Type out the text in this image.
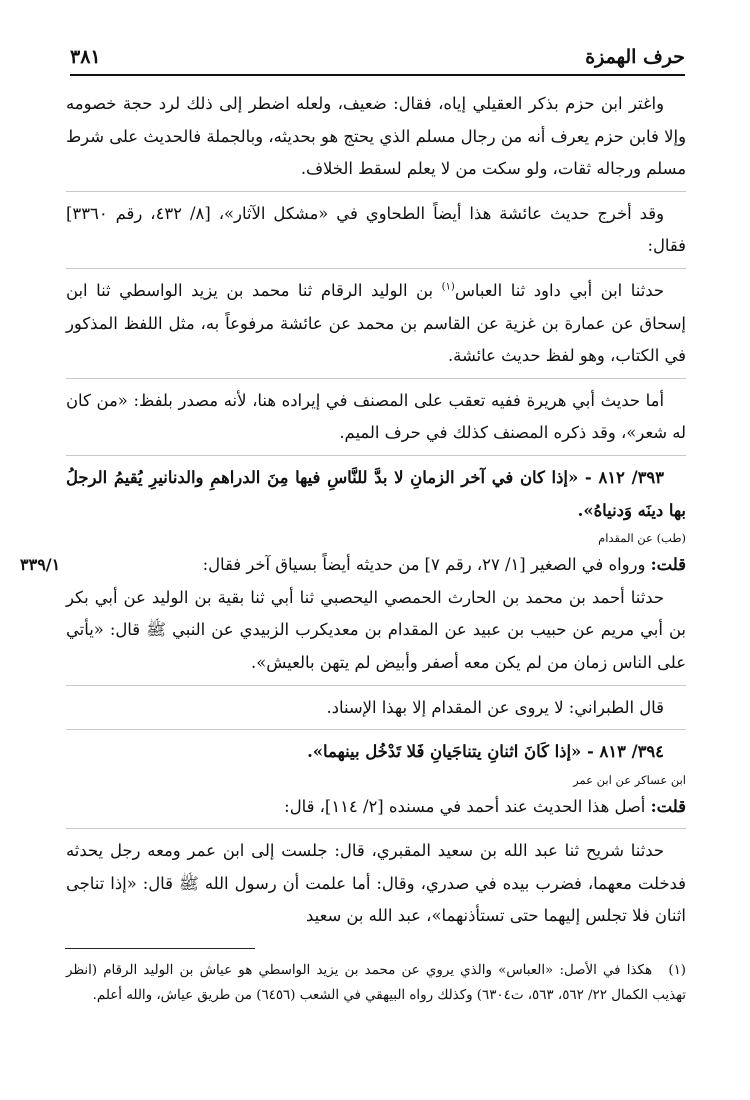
حرف الهمزة
٣٨١
٣٣٩/١

واغتر ابن حزم بذكر العقيلي إياه، فقال: ضعيف، ولعله اضطر إلى ذلك لرد حجة خصومه وإلا فابن حزم يعرف أنه من رجال مسلم الذي يحتج هو بحديثه، وبالجملة فالحديث على شرط مسلم ورجاله ثقات، ولو سكت من لا يعلم لسقط الخلاف.

وقد أخرج حديث عائشة هذا أيضاً الطحاوي في «مشكل الآثار»، [٨/ ٤٣٢، رقم ٣٣٦٠] فقال:

حدثنا ابن أبي داود ثنا العباس$^{(١)}$ بن الوليد الرقام ثنا محمد بن يزيد الواسطي ثنا ابن إسحاق عن عمارة بن غزية عن القاسم بن محمد عن عائشة مرفوعاً به، مثل اللفظ المذكور في الكتاب، وهو لفظ حديث عائشة.

أما حديث أبي هريرة ففيه تعقب على المصنف في إيراده هنا، لأنه مصدر بلفظ: «من كان له شعر»، وقد ذكره المصنف كذلك في حرف الميم.

٣٩٣/ ٨١٢ - «إذا كان في آخر الزمانِ لا بدَّ للنَّاسِ فيها مِنَ الدراهمِ والدنانيرِ يُقيمُ الرجلُ بها دينَه وَدنياهُ».

(طب) عن المقدام

قلت: ورواه في الصغير [١/ ٢٧، رقم ٧] من حديثه أيضاً بسياق آخر فقال:

حدثنا أحمد بن محمد بن الحارث الحمصي اليحصبي ثنا أبي ثنا بقية بن الوليد عن أبي بكر بن أبي مريم عن حبيب بن عبيد عن المقدام بن معديكرب الزبيدي عن النبي ﷺ قال: «يأتي على الناس زمان من لم يكن معه أصفر وأبيض لم يتهن بالعيش».

قال الطبراني: لا يروى عن المقدام إلا بهذا الإسناد.

٣٩٤/ ٨١٣ - «إذا كَانَ اثنانِ يتناجَيانِ فَلا تَدْخُل بينهما».

ابن عساكر عن ابن عمر

قلت: أصل هذا الحديث عند أحمد في مسنده [٢/ ١١٤]، قال:

حدثنا شريح ثنا عبد الله بن سعيد المقبري، قال: جلست إلى ابن عمر ومعه رجل يحدثه فدخلت معهما، فضرب بيده في صدري، وقال: أما علمت أن رسول الله ﷺ قال: «إذا تناجى اثنان فلا تجلس إليهما حتى تستأذنهما»، عبد الله بن سعيد

(١)هكذا في الأصل: «العباس» والذي يروي عن محمد بن يزيد الواسطي هو عياش بن الوليد الرقام (انظر تهذيب الكمال ٢٢/ ٥٦٢، ٥٦٣، ت٦٣٠٤) وكذلك رواه البيهقي في الشعب (٦٤٥٦) من طريق عياش، والله أعلم.
